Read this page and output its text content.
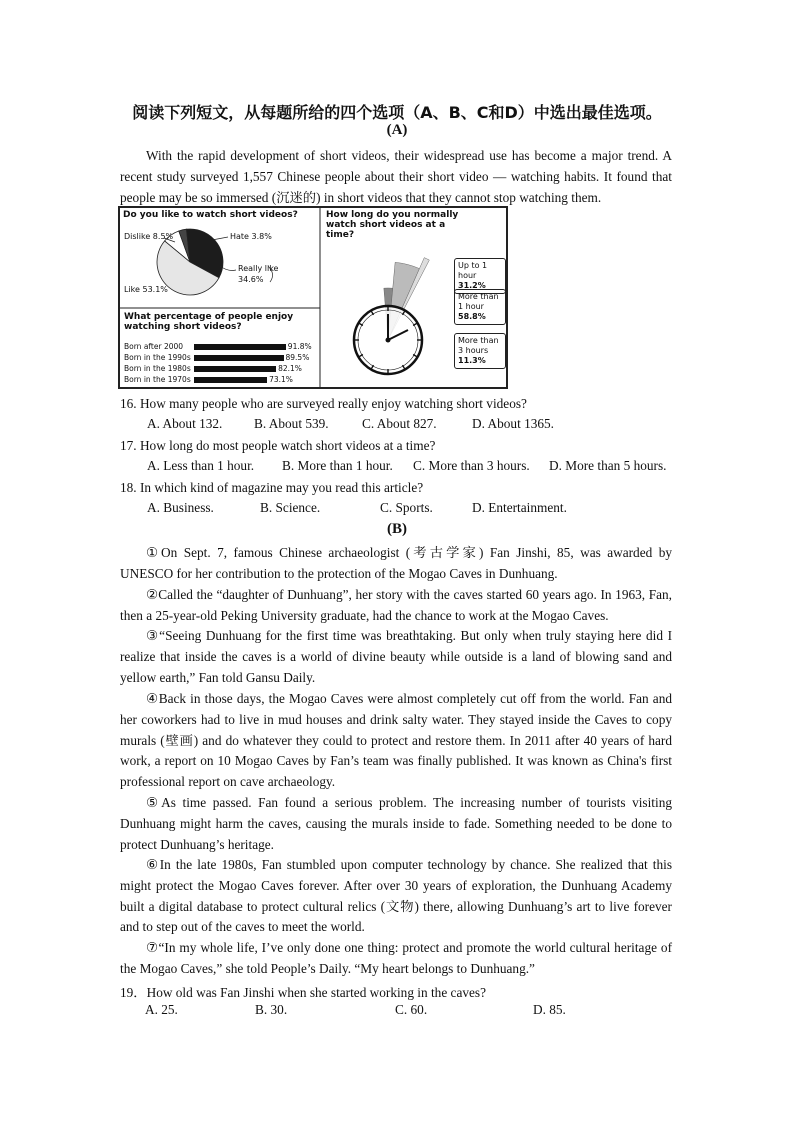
阅读下列短文，从每题所给的四个选项（A、B、C和D）中选出最佳选项。
(A)
With the rapid development of short videos, their widespread use has become a major trend. A recent study surveyed 1,557 Chinese people about their short video — watching habits. It found that people may be so immersed (沉迷的) in short videos that they cannot stop watching them.
Do you like to watch short videos?	How long do you normally watch short videos at a time?
Dislike 8.5%	Hate 3.8%
Really like
34.6%
Like 53.1%
What percentage of people enjoy watching short videos?
Born after 2000	91.8%
Born in the 1990s	89.5%
Born in the 1980s	82.1%
Born in the 1970s	73.1%
Up to 1 hour
31.2%
More than
1 hour
58.8%
More than
3 hours
11.3%
16. How many people who are surveyed really enjoy watching short videos?
A. About 132. B. About 539.	C. About 827.	D. About 1365.
17. How long do most people watch short videos at a time?
A. Less than 1 hour. B. More than 1 hour. C. More than 3 hours. D. More than 5 hours.
18. In which kind of magazine may you read this article?
A. Business.	B. Science.	C. Sports.	D. Entertainment.
(B)
①On Sept. 7, famous Chinese archaeologist (考古学家) Fan Jinshi, 85, was awarded by UNESCO for her contribution to the protection of the Mogao Caves in Dunhuang.
②Called the “daughter of Dunhuang”, her story with the caves started 60 years ago. In 1963, Fan, then a 25-year-old Peking University graduate, had the chance to work at the Mogao Caves.
③“Seeing Dunhuang for the first time was breathtaking. But only when truly staying here did I realize that inside the caves is a world of divine beauty while outside is a land of blowing sand and yellow earth,” Fan told Gansu Daily.
④Back in those days, the Mogao Caves were almost completely cut off from the world. Fan and her coworkers had to live in mud houses and drink salty water. They stayed inside the Caves to copy murals (壁画) and do whatever they could to protect and restore them. In 2011 after 40 years of hard work, a report on 10 Mogao Caves by Fan’s team was finally published. It was known as China's first professional report on cave archaeology.
⑤As time passed. Fan found a serious problem. The increasing number of tourists visiting Dunhuang might harm the caves, causing the murals inside to fade. Something needed to be done to protect Dunhuang’s heritage.
⑥In the late 1980s, Fan stumbled upon computer technology by chance. She realized that this might protect the Mogao Caves forever. After over 30 years of exploration, the Dunhuang Academy built a digital database to protect cultural relics (文物) there, allowing Dunhuang’s art to live forever and to step out of the caves to meet the world.
⑦“In my whole life, I’ve only done one thing: protect and promote the world cultural heritage of the Mogao Caves,” she told People’s Daily. “My heart belongs to Dunhuang.”
19．How old was Fan Jinshi when she started working in the caves?
A. 25.	B. 30.	C. 60.	D. 85.
